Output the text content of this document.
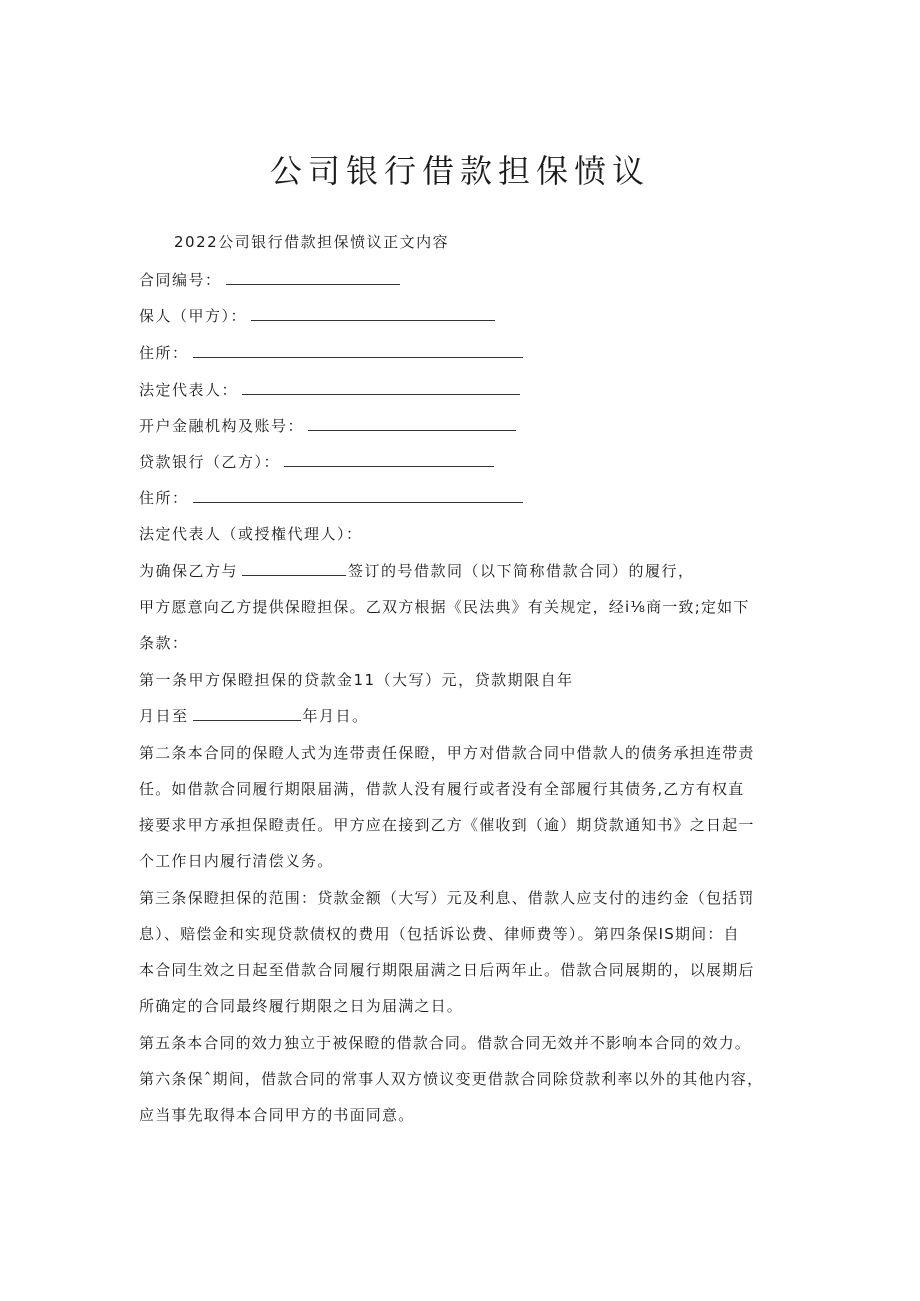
公司银行借款担保愤议
2022公司银行借款担保愤议正文内容
合同编号：
保人（甲方）：
住所：
法定代表人：
开户金融机构及账号：
贷款银行（乙方）：
住所：
法定代表人（或授権代理人）：
为确保乙方与	签订的号借款同（以下简称借款合同）的履行，
甲方愿意向乙方提供保瞪担保。乙双方根据《民法典》有关规定，经i⅛商一致;定如下
条款：
第一条甲方保瞪担保的贷款金11（大写）元，贷款期限自年
月日至	年月日。
第二条本合同的保瞪人式为连带责任保瞪，甲方对借款合同中借款人的债务承担连带责
任。如借款合同履行期限届满，借款人没有履行或者没有全部履行其债务,乙方有权直
接要求甲方承担保瞪责任。甲方应在接到乙方《催收到（逾）期贷款通知书》之日起一
个工作日内履行清偿义务。
第三条保瞪担保的范围：贷款金额（大写）元及利息、借款人应支付的违约金（包括罚
息）、赔偿金和实现贷款债权的费用（包括诉讼费、律师费等）。第四条保IS期间：自
本合同生效之日起至借款合同履行期限届满之日后两年止。借款合同展期的，以展期后
所确定的合同最终履行期限之日为届满之日。
第五条本合同的效力独立于被保瞪的借款合同。借款合同无效并不影响本合同的效力。
第六条保ˆ期间，借款合同的常事人双方愤议变更借款合同除贷款利率以外的其他内容，
应当事先取得本合同甲方的书面同意。
